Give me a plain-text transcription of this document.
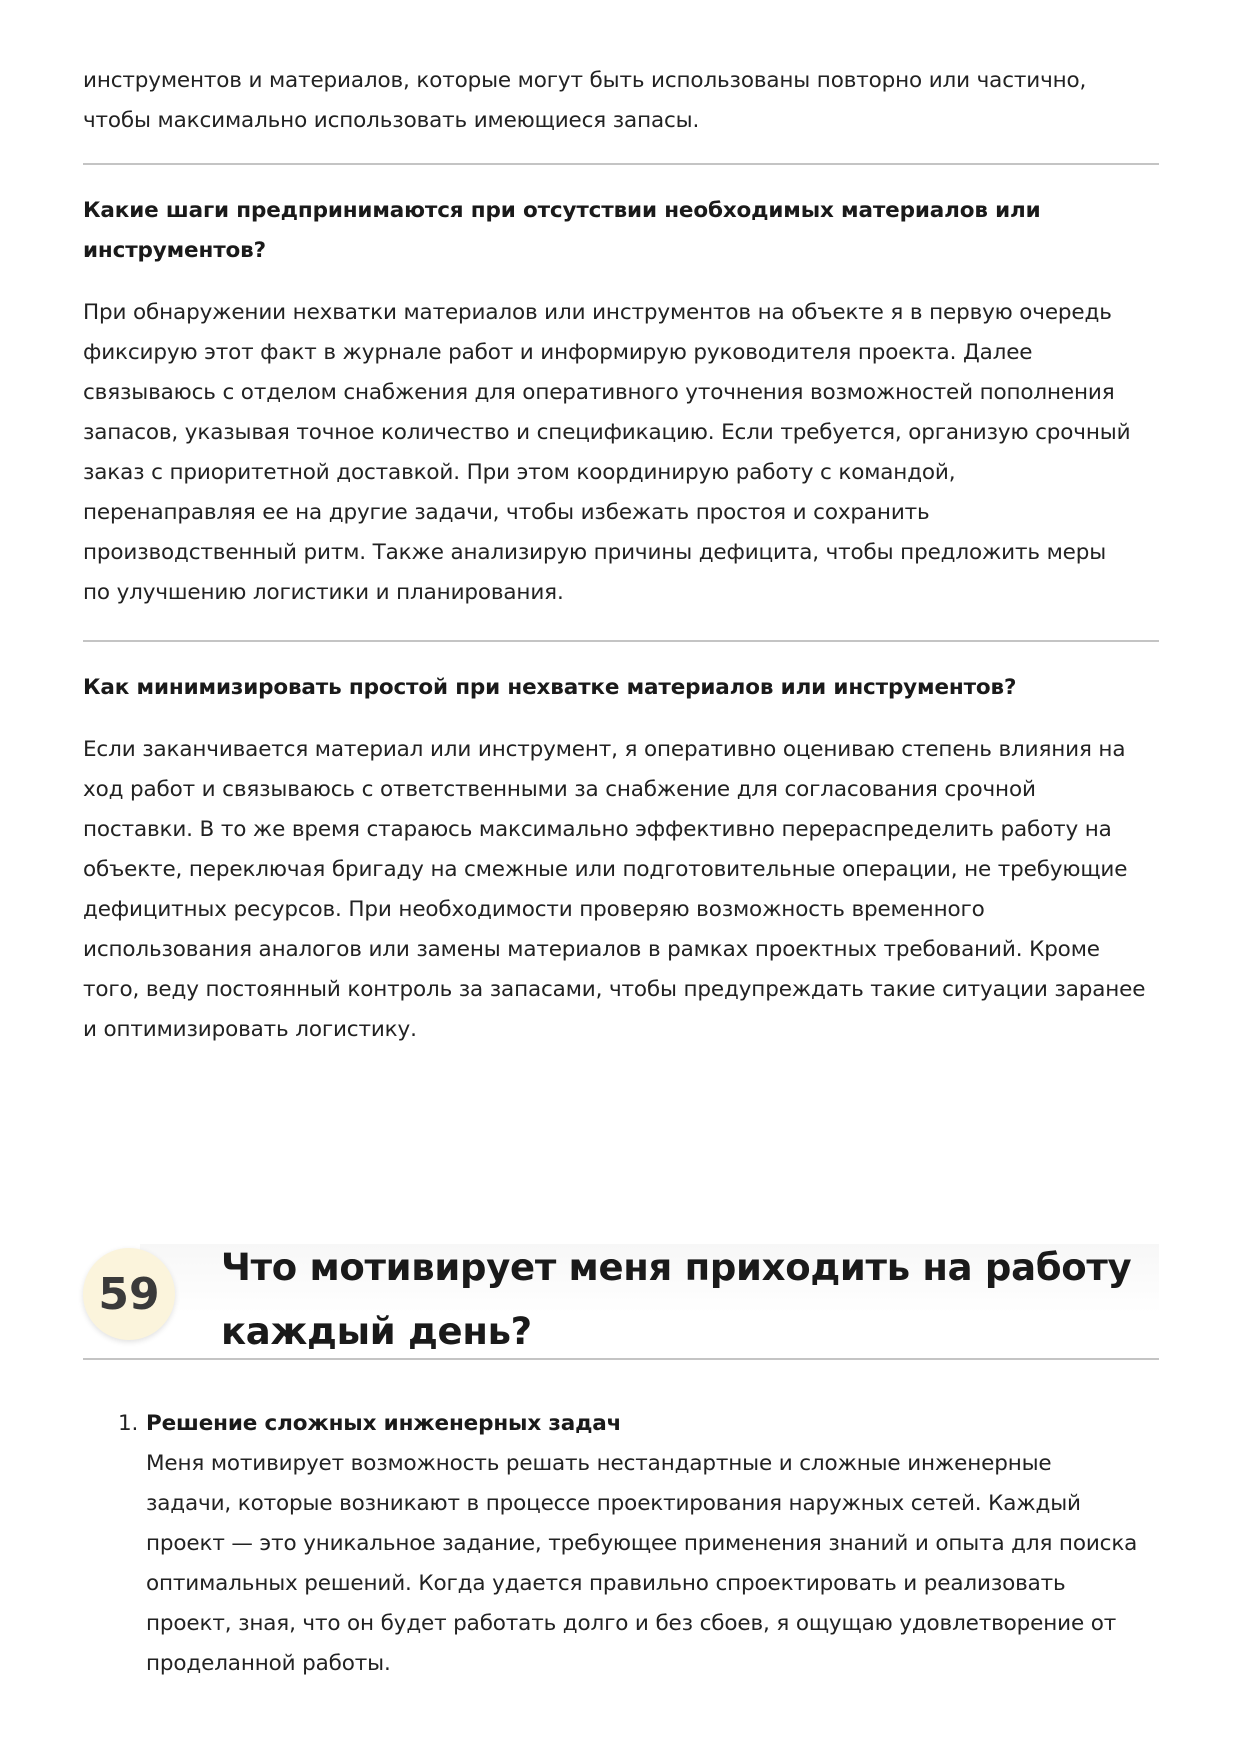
инструментов и материалов, которые могут быть использованы повторно или частично,
чтобы максимально использовать имеющиеся запасы.

Какие шаги предпринимаются при отсутствии необходимых материалов или
инструментов?

При обнаружении нехватки материалов или инструментов на объекте я в первую очередь
фиксирую этот факт в журнале работ и информирую руководителя проекта. Далее
связываюсь с отделом снабжения для оперативного уточнения возможностей пополнения
запасов, указывая точное количество и спецификацию. Если требуется, организую срочный
заказ с приоритетной доставкой. При этом координирую работу с командой,
перенаправляя ее на другие задачи, чтобы избежать простоя и сохранить
производственный ритм. Также анализирую причины дефицита, чтобы предложить меры
по улучшению логистики и планирования.

Как минимизировать простой при нехватке материалов или инструментов?

Если заканчивается материал или инструмент, я оперативно оцениваю степень влияния на
ход работ и связываюсь с ответственными за снабжение для согласования срочной
поставки. В то же время стараюсь максимально эффективно перераспределить работу на
объекте, переключая бригаду на смежные или подготовительные операции, не требующие
дефицитных ресурсов. При необходимости проверяю возможность временного
использования аналогов или замены материалов в рамках проектных требований. Кроме
того, веду постоянный контроль за запасами, чтобы предупреждать такие ситуации заранее
и оптимизировать логистику.

59
Что мотивирует меня приходить на работу
каждый день?
1. Решение сложных инженерных задач
Меня мотивирует возможность решать нестандартные и сложные инженерные
задачи, которые возникают в процессе проектирования наружных сетей. Каждый
проект — это уникальное задание, требующее применения знаний и опыта для поиска
оптимальных решений. Когда удается правильно спроектировать и реализовать
проект, зная, что он будет работать долго и без сбоев, я ощущаю удовлетворение от
проделанной работы.
